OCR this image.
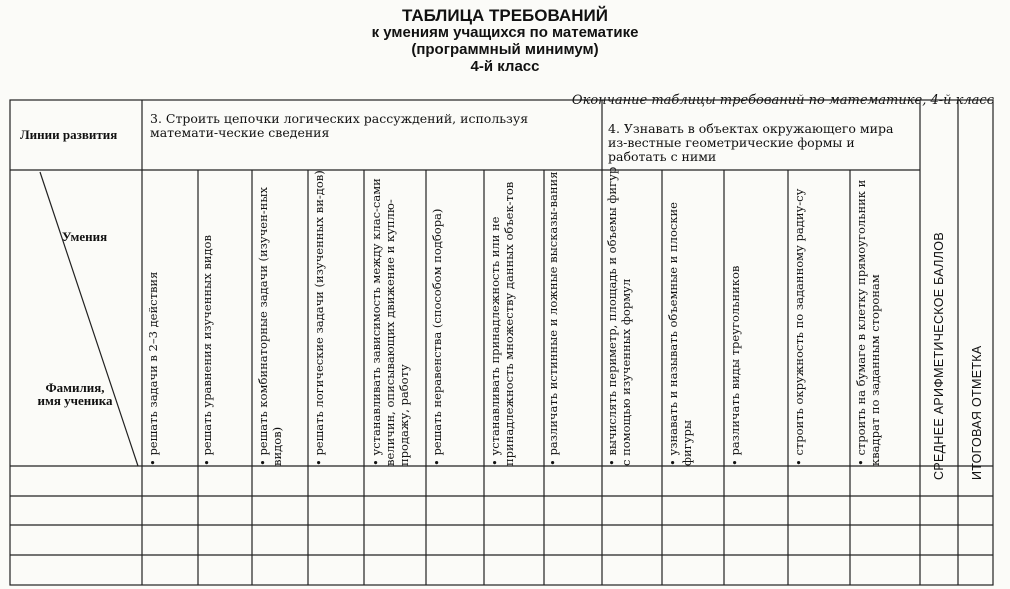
ТАБЛИЦА ТРЕБОВАНИЙ
к умениям учащихся по математике
(программный минимум)
4-й класс
Окончание таблицы требований по математике, 4-й класс
Линии развития
Умения
Фамилия,
имя ученика
3. Строить цепочки логических рассуждений, используя математи-ческие сведения	4. Узнавать в объектах окружающего мира из-вестные геометрические формы и работать с ними
• решать задачи в 2–3 действия	• решать уравнения изученных видов	• решать комбинаторные задачи (изучен-ных видов)	• решать логические задачи (изученных ви-дов)	• устанавливать зависимость между клас-сами величин, описывающих движение и куплю-продажу, работу	• решать неравенства (способом подбора)	• устанавливать принадлежность или не принадлежность множеству данных объек-тов	• различать истинные и ложные высказы-вания	• вычислять периметр, площадь и объемы фигур с помощью изученных формул	• узнавать и называть объемные и плоские фигуры	• различать виды треугольников	• строить окружность по заданному радиу-су	• строить на бумаге в клетку прямоугольник и квадрат по заданным сторонам	СРЕДНЕЕ АРИФМЕТИЧЕСКОЕ БАЛЛОВ	ИТОГОВАЯ ОТМЕТКА
